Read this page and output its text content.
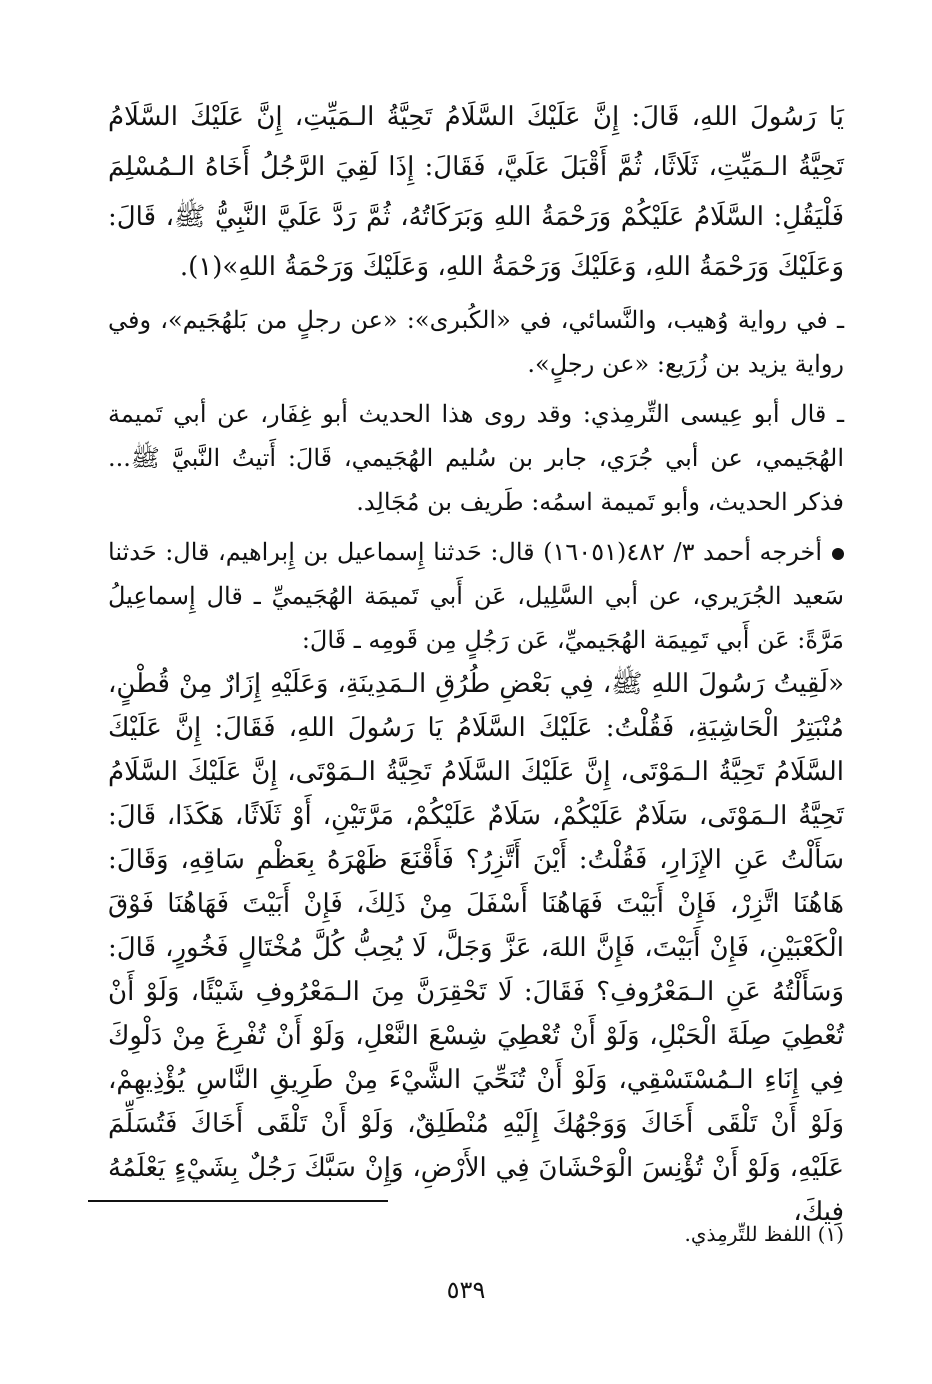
يَا رَسُولَ اللهِ، قَالَ: إِنَّ عَلَيْكَ السَّلَامُ تَحِيَّةُ الـمَيِّتِ، إِنَّ عَلَيْكَ السَّلَامُ تَحِيَّةُ الـمَيِّتِ، ثَلَاثًا، ثُمَّ أَقْبَلَ عَلَيَّ، فَقَالَ: إِذَا لَقِيَ الرَّجُلُ أَخَاهُ الـمُسْلِمَ فَلْيَقُلِ: السَّلَامُ عَلَيْكُمْ وَرَحْمَةُ اللهِ وَبَرَكَاتُهُ، ثُمَّ رَدَّ عَلَيَّ النَّبِيُّ ﷺ، قَالَ: وَعَلَيْكَ وَرَحْمَةُ اللهِ، وَعَلَيْكَ وَرَحْمَةُ اللهِ، وَعَلَيْكَ وَرَحْمَةُ اللهِ»(١).

ـ في رواية وُهيب، والنَّسائي، في «الكُبرى»: «عن رجلٍ من بَلهُجَيم»، وفي رواية يزيد بن زُرَيع: «عن رجلٍ».

ـ قال أبو عِيسى التِّرمِذي: وقد روى هذا الحديث أبو غِفَار، عن أبي تَميمة الهُجَيمي، عن أبي جُرَي، جابر بن سُليم الهُجَيمي، قَالَ: أَتيتُ النَّبيَّ ﷺ... فذكر الحديث، وأبو تَميمة اسمُه: طَريف بن مُجَالِد.

أخرجه أحمد ٣/ ٤٨٢(١٦٠٥١) قال: حَدثنا إِسماعيل بن إِبراهيم، قال: حَدثنا سَعيد الجُرَيري، عن أبي السَّلِيل، عَن أَبي تَميمَة الهُجَيميِّ ـ قال إِسماعِيلُ مَرَّةً: عَن أَبي تَمِيمَة الهُجَيميِّ، عَن رَجُلٍ مِن قَومِه ـ قَالَ:

«لَقِيتُ رَسُولَ اللهِ ﷺ، فِي بَعْضِ طُرُقِ الـمَدِينَةِ، وَعَلَيْهِ إِزَارٌ مِنْ قُطْنٍ، مُنْبَتِرُ الْحَاشِيَةِ، فَقُلْتُ: عَلَيْكَ السَّلَامُ يَا رَسُولَ اللهِ، فَقَالَ: إِنَّ عَلَيْكَ السَّلَامُ تَحِيَّةُ الـمَوْتَى، إِنَّ عَلَيْكَ السَّلَامُ تَحِيَّةُ الـمَوْتَى، إِنَّ عَلَيْكَ السَّلَامُ تَحِيَّةُ الـمَوْتَى، سَلَامٌ عَلَيْكُمْ، سَلَامٌ عَلَيْكُمْ، مَرَّتَيْنِ، أَوْ ثَلَاثًا، هَكَذَا، قَالَ: سَأَلْتُ عَنِ الإِزَارِ، فَقُلْتُ: أَيْنَ أَتَّزِرُ؟ فَأَقْنَعَ ظَهْرَهُ بِعَظْمِ سَاقِهِ، وَقَالَ: هَاهُنَا اتَّزِرْ، فَإِنْ أَبَيْتَ فَهَاهُنَا أَسْفَلَ مِنْ ذَلِكَ، فَإِنْ أَبَيْتَ فَهَاهُنَا فَوْقَ الْكَعْبَيْنِ، فَإِنْ أَبَيْتَ، فَإِنَّ اللهَ، عَزَّ وَجَلَّ، لَا يُحِبُّ كُلَّ مُخْتَالٍ فَخُورٍ، قَالَ: وَسَأَلْتُهُ عَنِ الـمَعْرُوفِ؟ فَقَالَ: لَا تَحْقِرَنَّ مِنَ الـمَعْرُوفِ شَيْئًا، وَلَوْ أَنْ تُعْطِيَ صِلَةَ الْحَبْلِ، وَلَوْ أَنْ تُعْطِيَ شِسْعَ النَّعْلِ، وَلَوْ أَنْ تُفْرِغَ مِنْ دَلْوِكَ فِي إِنَاءِ الـمُسْتَسْقِي، وَلَوْ أَنْ تُنَحِّيَ الشَّيْءَ مِنْ طَرِيقِ النَّاسِ يُؤْذِيهِمْ، وَلَوْ أَنْ تَلْقَى أَخَاكَ وَوَجْهُكَ إِلَيْهِ مُنْطَلِقٌ، وَلَوْ أَنْ تَلْقَى أَخَاكَ فَتُسَلِّمَ عَلَيْهِ، وَلَوْ أَنْ تُؤْنِسَ الْوَحْشَانَ فِي الأَرْضِ، وَإِنْ سَبَّكَ رَجُلٌ بِشَيْءٍ يَعْلَمُهُ فِيكَ،

(١) اللفظ للتِّرمِذي.
٥٣٩
